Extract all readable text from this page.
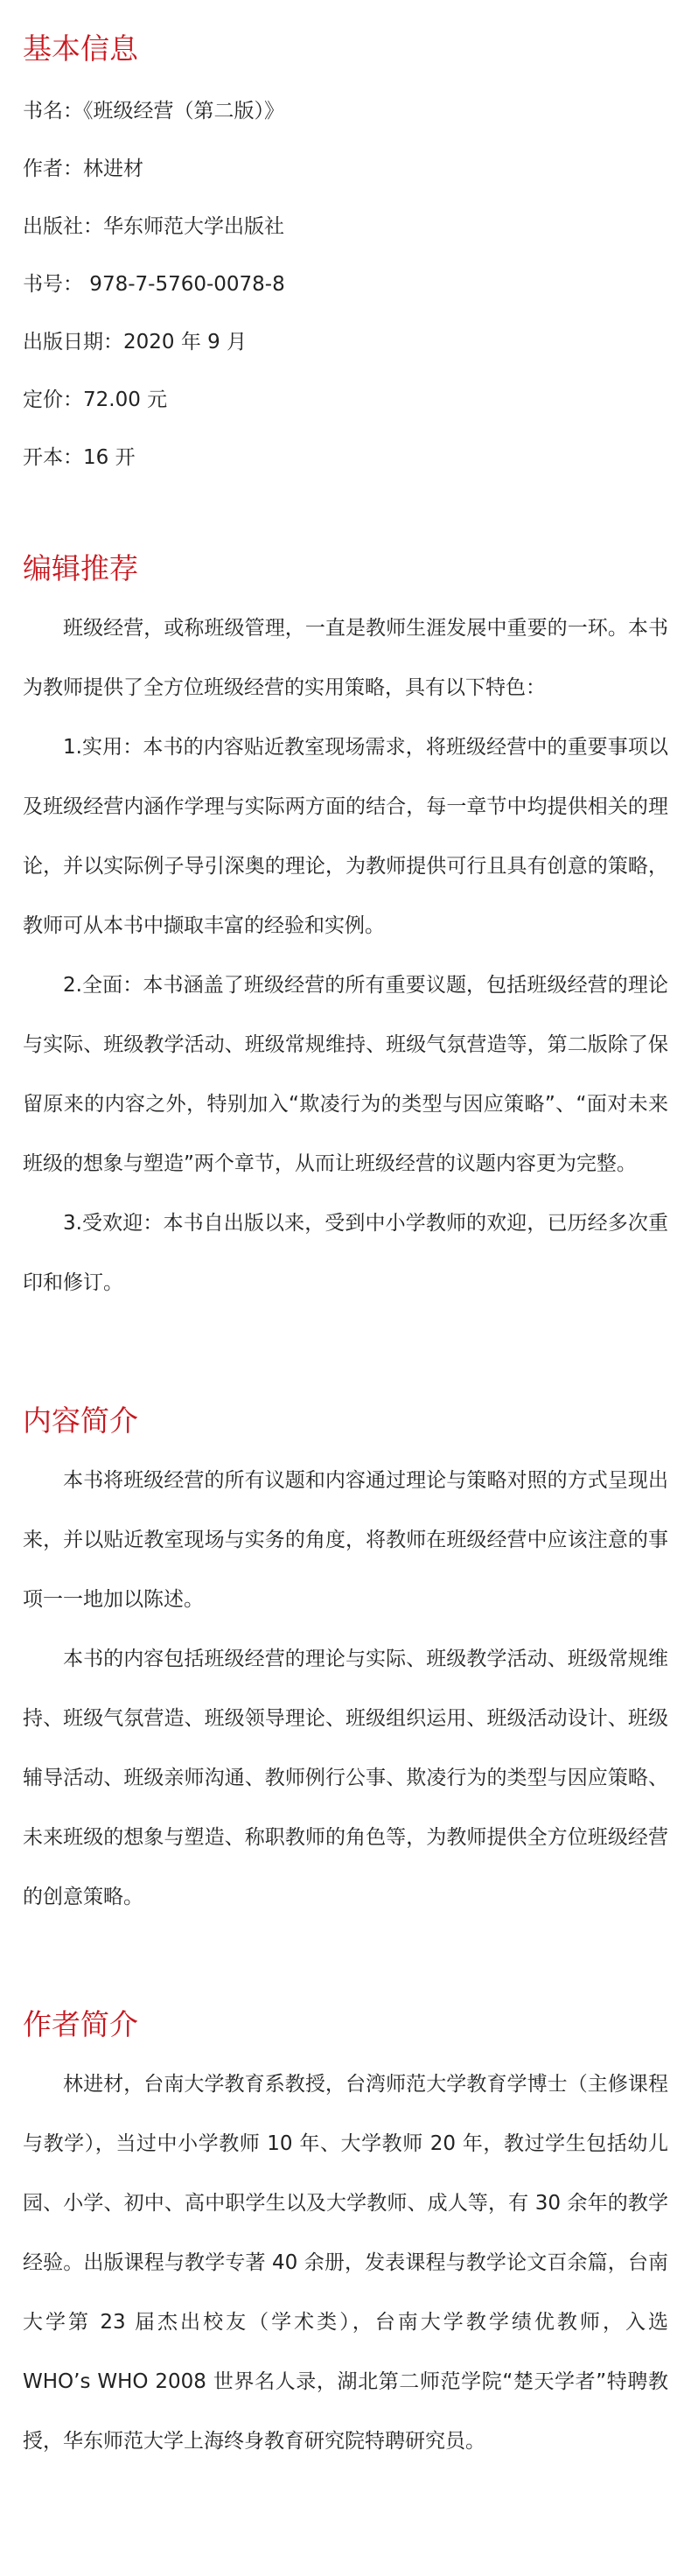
基本信息

书名：《班级经营（第二版）》

作者：林进材

出版社：华东师范大学出版社

书号： 978-7-5760-0078-8

出版日期：2020 年 9 月

定价：72.00 元

开本：16 开

编辑推荐

班级经营，或称班级管理，一直是教师生涯发展中重要的一环。本书为教师提供了全方位班级经营的实用策略，具有以下特色：

1.实用：本书的内容贴近教室现场需求，将班级经营中的重要事项以及班级经营内涵作学理与实际两方面的结合，每一章节中均提供相关的理论，并以实际例子导引深奥的理论，为教师提供可行且具有创意的策略，教师可从本书中撷取丰富的经验和实例。

2.全面：本书涵盖了班级经营的所有重要议题，包括班级经营的理论与实际、班级教学活动、班级常规维持、班级气氛营造等，第二版除了保留原来的内容之外，特别加入“欺凌行为的类型与因应策略”、“面对未来班级的想象与塑造”两个章节，从而让班级经营的议题内容更为完整。

3.受欢迎：本书自出版以来，受到中小学教师的欢迎，已历经多次重印和修订。

内容简介

本书将班级经营的所有议题和内容通过理论与策略对照的方式呈现出来，并以贴近教室现场与实务的角度，将教师在班级经营中应该注意的事项一一地加以陈述。

本书的内容包括班级经营的理论与实际、班级教学活动、班级常规维持、班级气氛营造、班级领导理论、班级组织运用、班级活动设计、班级辅导活动、班级亲师沟通、教师例行公事、欺凌行为的类型与因应策略、未来班级的想象与塑造、称职教师的角色等，为教师提供全方位班级经营的创意策略。

作者简介

林进材，台南大学教育系教授，台湾师范大学教育学博士（主修课程与教学），当过中小学教师 10 年、大学教师 20 年，教过学生包括幼儿园、小学、初中、高中职学生以及大学教师、成人等，有 30 余年的教学经验。出版课程与教学专著 40 余册，发表课程与教学论文百余篇，台南大学第 23 届杰出校友（学术类），台南大学教学绩优教师，入选 WHO’s WHO 2008 世界名人录，湖北第二师范学院“楚天学者”特聘教授，华东师范大学上海终身教育研究院特聘研究员。
